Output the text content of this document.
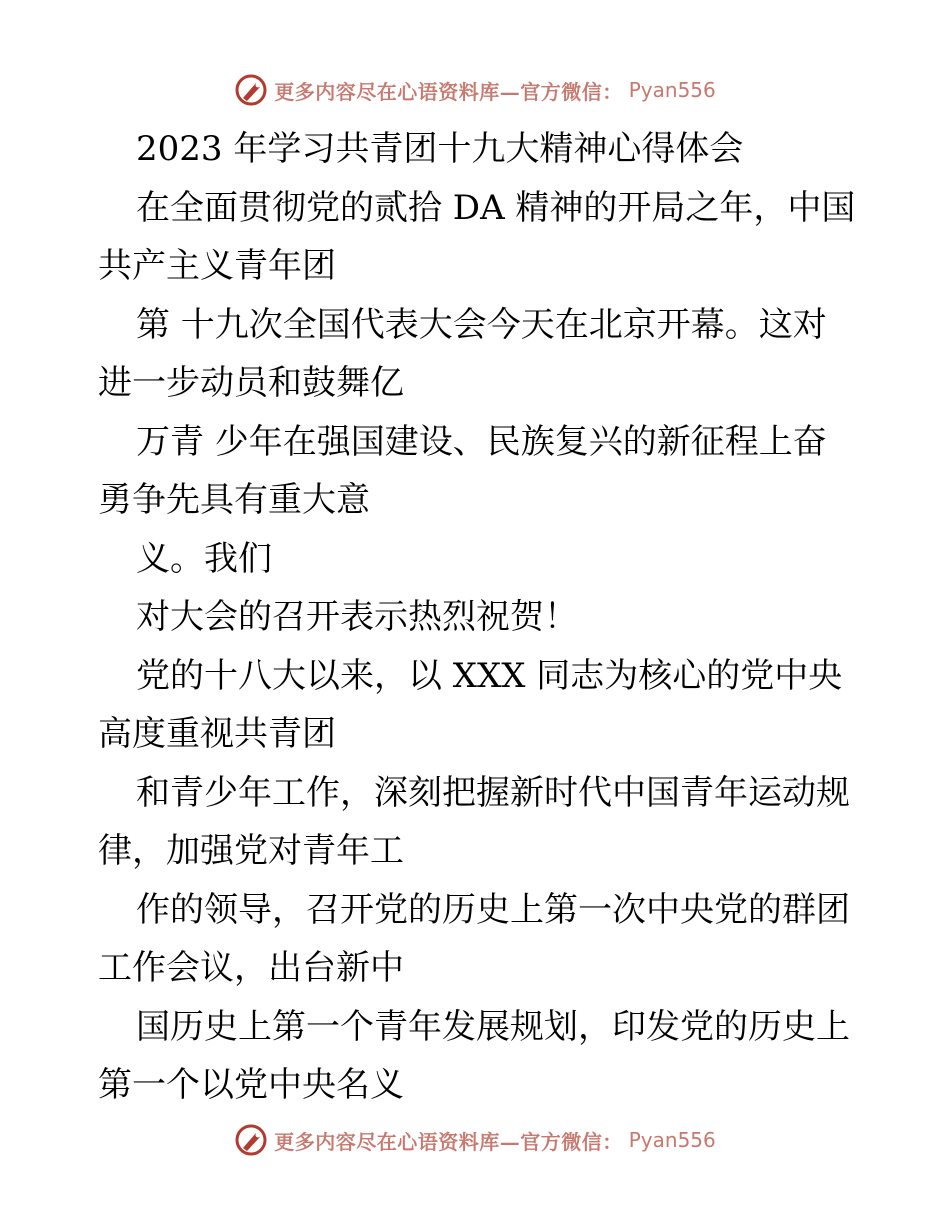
更多内容尽在心语资料库—官方微信： Pyan556
2023 年学习共青团十九大精神心得体会
在全面贯彻党的贰拾 DA 精神的开局之年，中国
共产主义青年团
第 十九次全国代表大会今天在北京开幕。这对
进一步动员和鼓舞亿
万青 少年在强国建设、民族复兴的新征程上奋
勇争先具有重大意
义。我们
对大会的召开表示热烈祝贺！
党的十八大以来，以 XXX 同志为核心的党中央
高度重视共青团
和青少年工作，深刻把握新时代中国青年运动规
律，加强党对青年工
作的领导，召开党的历史上第一次中央党的群团
工作会议，出台新中
国历史上第一个青年发展规划，印发党的历史上
第一个以党中央名义
更多内容尽在心语资料库—官方微信： Pyan556
